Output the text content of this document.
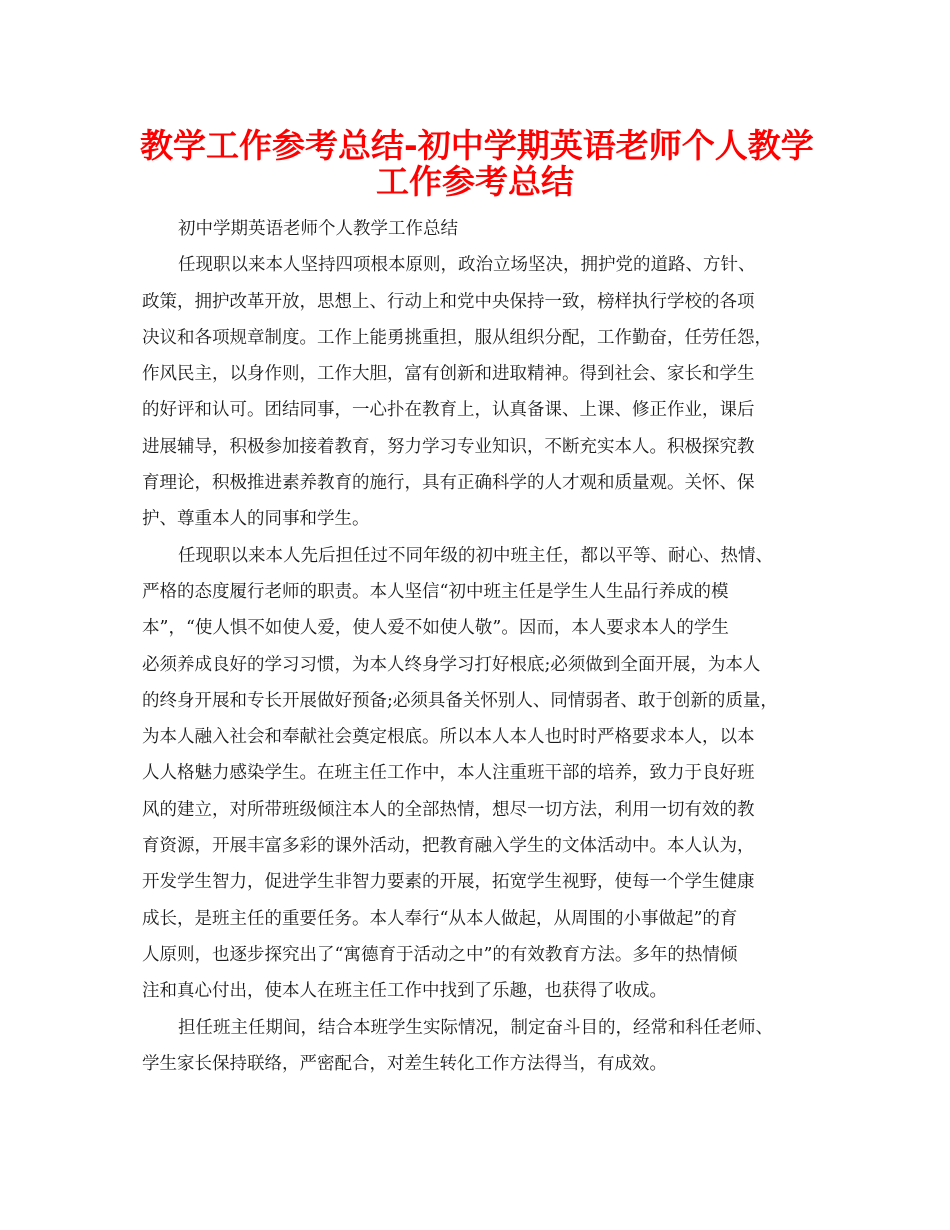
教学工作参考总结-初中学期英语老师个人教学
工作参考总结

初中学期英语老师个人教学工作总结

任现职以来本人坚持四项根本原则，政治立场坚决，拥护党的道路、方针、
政策，拥护改革开放，思想上、行动上和党中央保持一致，榜样执行学校的各项
决议和各项规章制度。工作上能勇挑重担，服从组织分配，工作勤奋，任劳任怨，
作风民主，以身作则，工作大胆，富有创新和进取精神。得到社会、家长和学生
的好评和认可。团结同事，一心扑在教育上，认真备课、上课、修正作业，课后
进展辅导，积极参加接着教育，努力学习专业知识，不断充实本人。积极探究教
育理论，积极推进素养教育的施行，具有正确科学的人才观和质量观。关怀、保
护、尊重本人的同事和学生。

任现职以来本人先后担任过不同年级的初中班主任，都以平等、耐心、热情、
严格的态度履行老师的职责。本人坚信“初中班主任是学生人生品行养成的模
本”，“使人惧不如使人爱，使人爱不如使人敬”。因而，本人要求本人的学生
必须养成良好的学习习惯，为本人终身学习打好根底;必须做到全面开展，为本人
的终身开展和专长开展做好预备;必须具备关怀别人、同情弱者、敢于创新的质量，
为本人融入社会和奉献社会奠定根底。所以本人本人也时时严格要求本人，以本
人人格魅力感染学生。在班主任工作中，本人注重班干部的培养，致力于良好班
风的建立，对所带班级倾注本人的全部热情，想尽一切方法，利用一切有效的教
育资源，开展丰富多彩的课外活动，把教育融入学生的文体活动中。本人认为，
开发学生智力，促进学生非智力要素的开展，拓宽学生视野，使每一个学生健康
成长，是班主任的重要任务。本人奉行“从本人做起，从周围的小事做起”的育
人原则，也逐步探究出了“寓德育于活动之中”的有效教育方法。多年的热情倾
注和真心付出，使本人在班主任工作中找到了乐趣，也获得了收成。

担任班主任期间，结合本班学生实际情况，制定奋斗目的，经常和科任老师、
学生家长保持联络，严密配合，对差生转化工作方法得当，有成效。
